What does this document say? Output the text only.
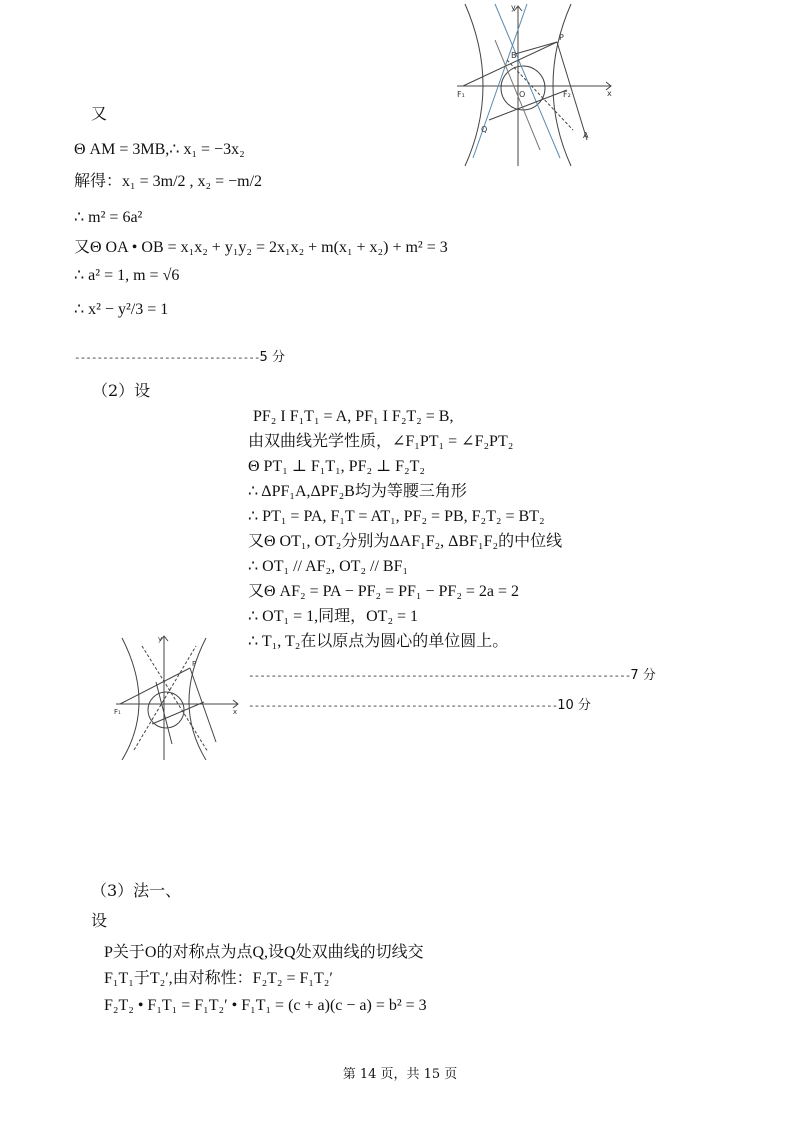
y
x
F₁	O	F₂
B
P
Q
A
又
Θ AM = 3MB,∴ x₁ = −3x₂
解得：x₁ = 3m/2 , x₂ = −m/2
∴ m² = 6a²
又Θ OA • OB = x₁x₂ + y₁y₂ = 2x₁x₂ + m(x₁ + x₂) + m² = 3
∴ a² = 1, m = √6
∴ x² − y²/3 = 1
---------------------------------5 分
（2）设
PF₂ I F₁T₁ = A, PF₁ I F₂T₂ = B,
由双曲线光学性质，∠F₁PT₁ = ∠F₂PT₂
Θ PT₁ ⊥ F₁T₁, PF₂ ⊥ F₂T₂
∴ ΔPF₁A,ΔPF₂B均为等腰三角形
∴ PT₁ = PA, F₁T = AT₁, PF₂ = PB, F₂T₂ = BT₂
又Θ OT₁, OT₂分别为ΔAF₁F₂, ΔBF₁F₂的中位线
∴ OT₁ // AF₂, OT₂ // BF₁
又Θ AF₂ = PA − PF₂ = PF₁ − PF₂ = 2a = 2
∴ OT₁ = 1,同理，OT₂ = 1
∴ T₁, T₂在以原点为圆心的单位圆上。
--------------------------------------------------------------------7 分
-------------------------------------------------------10 分
y
x
F₁
P
（3）法一、
设
P关于O的对称点为点Q,设Q处双曲线的切线交
F₁T₁于T₂′,由对称性：F₂T₂ = F₁T₂′
F₂T₂ • F₁T₁ = F₁T₂′ • F₁T₁ = (c + a)(c − a) = b² = 3
第 14 页，共 15 页
